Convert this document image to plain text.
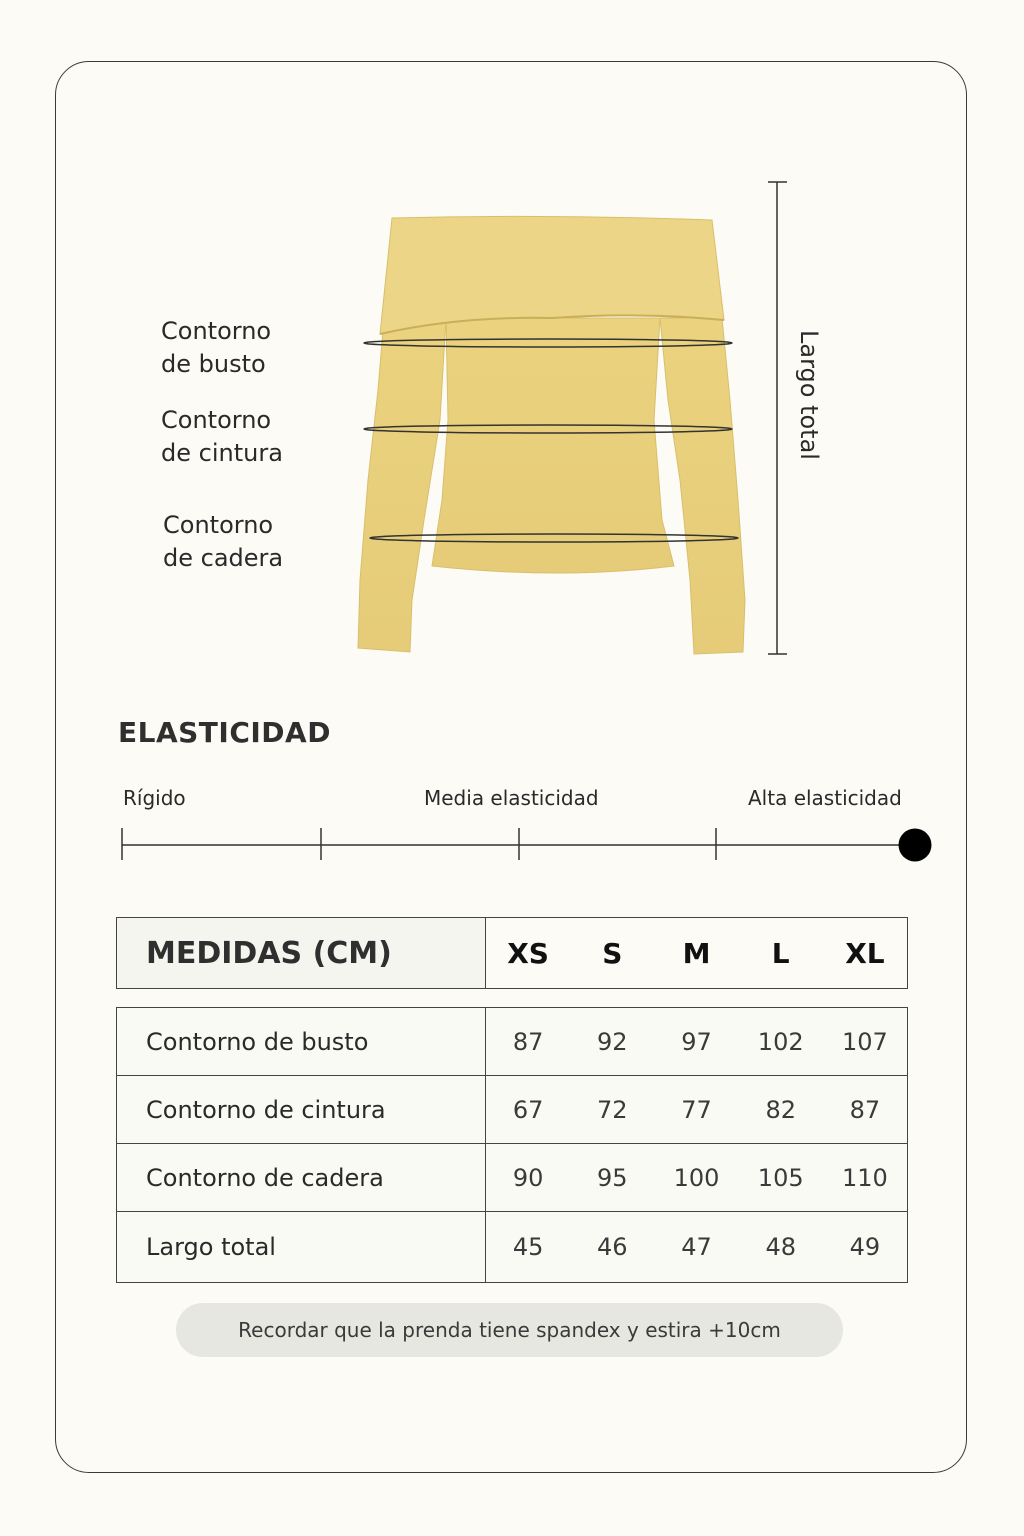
Contorno
de busto
Contorno
de cintura
Contorno
de cadera
Largo total
ELASTICIDAD
Rígido	Media elasticidad	Alta elasticidad
MEDIDAS (CM)	XS	S	M	L	XL
Contorno de busto	87	92	97	102	107
Contorno de cintura	67	72	77	82	87
Contorno de cadera	90	95	100	105	110
Largo total	45	46	47	48	49
Recordar que la prenda tiene spandex y estira +10cm
